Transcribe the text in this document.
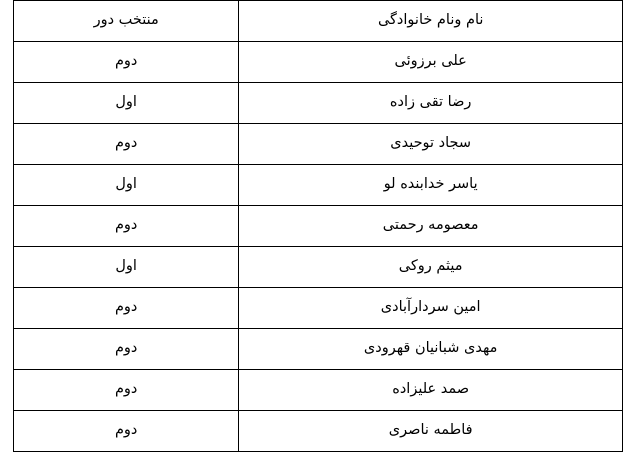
نام ونام خانوادگی	منتخب دور
علی برزوئی	دوم
رضا تقی زاده	اول
سجاد توحیدی	دوم
یاسر خدابنده لو	اول
معصومه رحمتی	دوم
میثم روکی	اول
امین سردارآبادی	دوم
مهدی شبانیان قهرودی	دوم
صمد علیزاده	دوم
فاطمه ناصری	دوم
